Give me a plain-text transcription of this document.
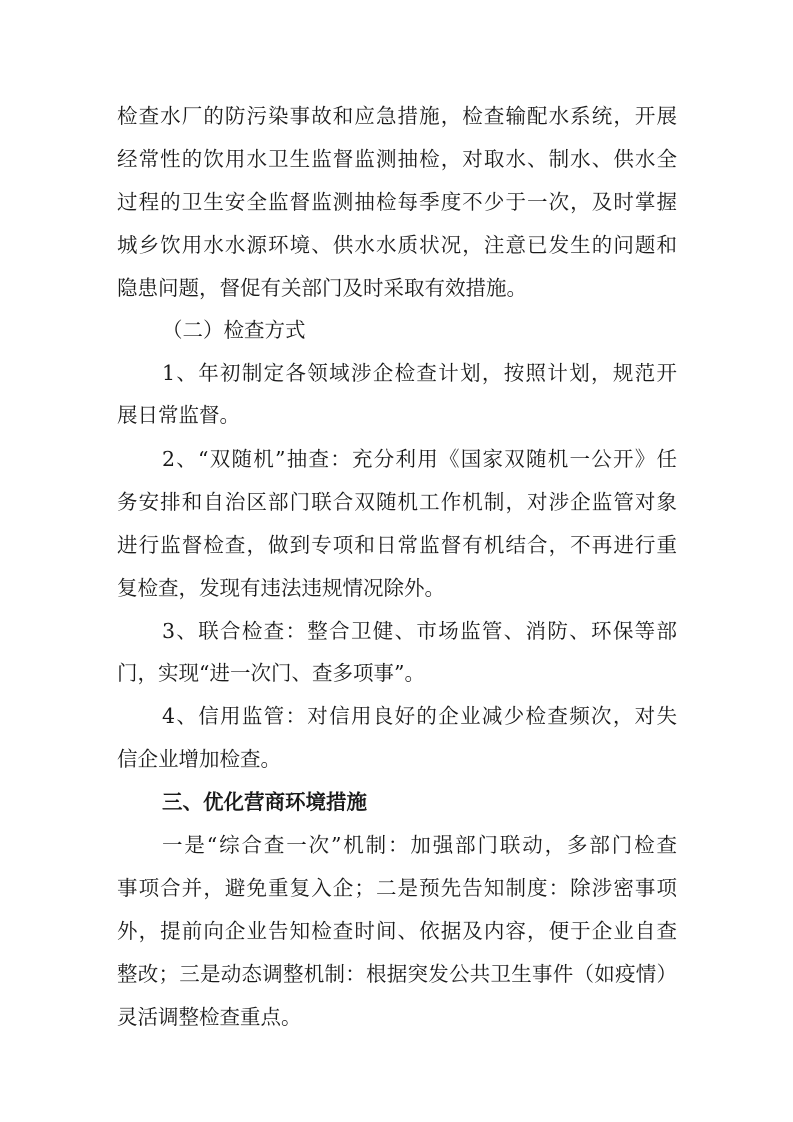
检查水厂的防污染事故和应急措施，检查输配水系统，开展
经常性的饮用水卫生监督监测抽检，对取水、制水、供水全
过程的卫生安全监督监测抽检每季度不少于一次，及时掌握
城乡饮用水水源环境、供水水质状况，注意已发生的问题和
隐患问题，督促有关部门及时采取有效措施。
（二）检查方式
1、年初制定各领域涉企检查计划，按照计划，规范开
展日常监督。
2、“双随机”抽查：充分利用《国家双随机一公开》任
务安排和自治区部门联合双随机工作机制，对涉企监管对象
进行监督检查，做到专项和日常监督有机结合，不再进行重
复检查，发现有违法违规情况除外。
3、联合检查：整合卫健、市场监管、消防、环保等部
门，实现“进一次门、查多项事”。
4、信用监管：对信用良好的企业减少检查频次，对失
信企业增加检查。
三、优化营商环境措施
一是“综合查一次”机制：加强部门联动，多部门检查
事项合并，避免重复入企；二是预先告知制度：除涉密事项
外，提前向企业告知检查时间、依据及内容，便于企业自查
整改；三是动态调整机制：根据突发公共卫生事件（如疫情）
灵活调整检查重点。
